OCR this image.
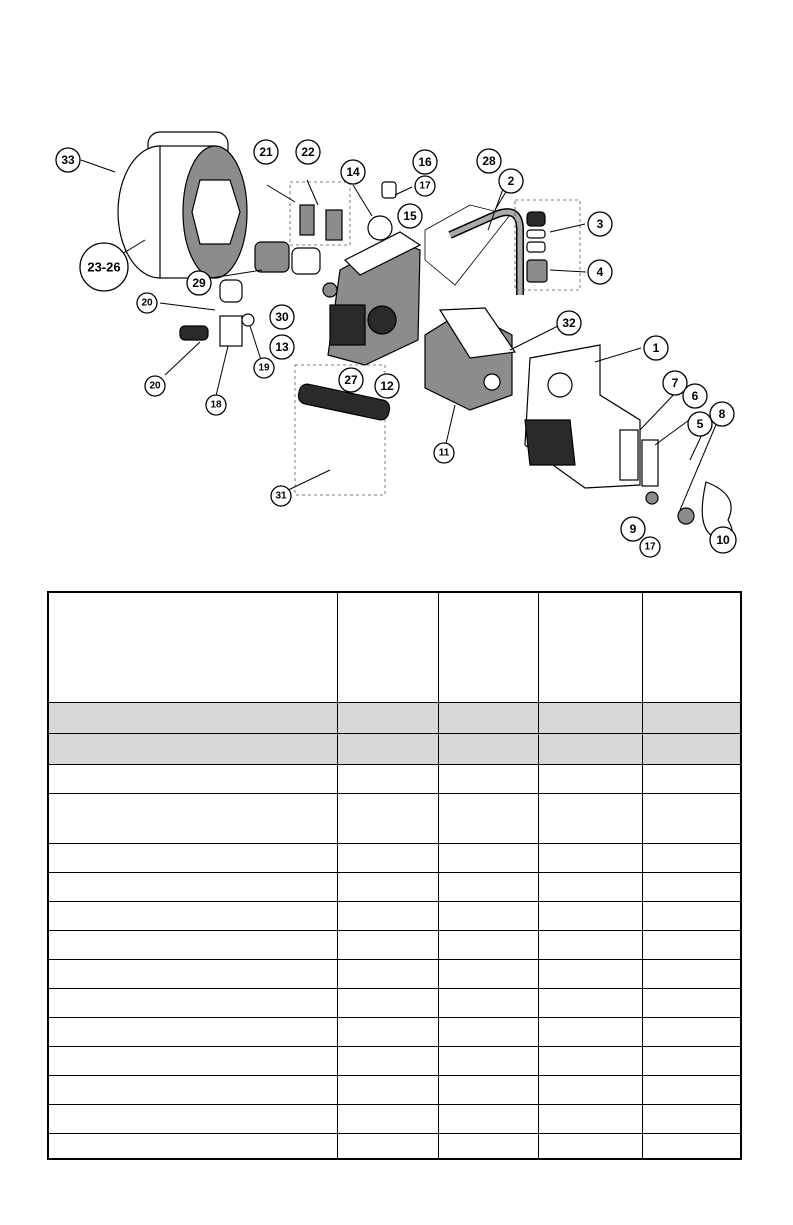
33
21 22
14
16
17
15
28
2
3
4
23-26
29
20
30
13
32
1
20
19
27 12
18
7
6
5
8
11
31
9
17	10
